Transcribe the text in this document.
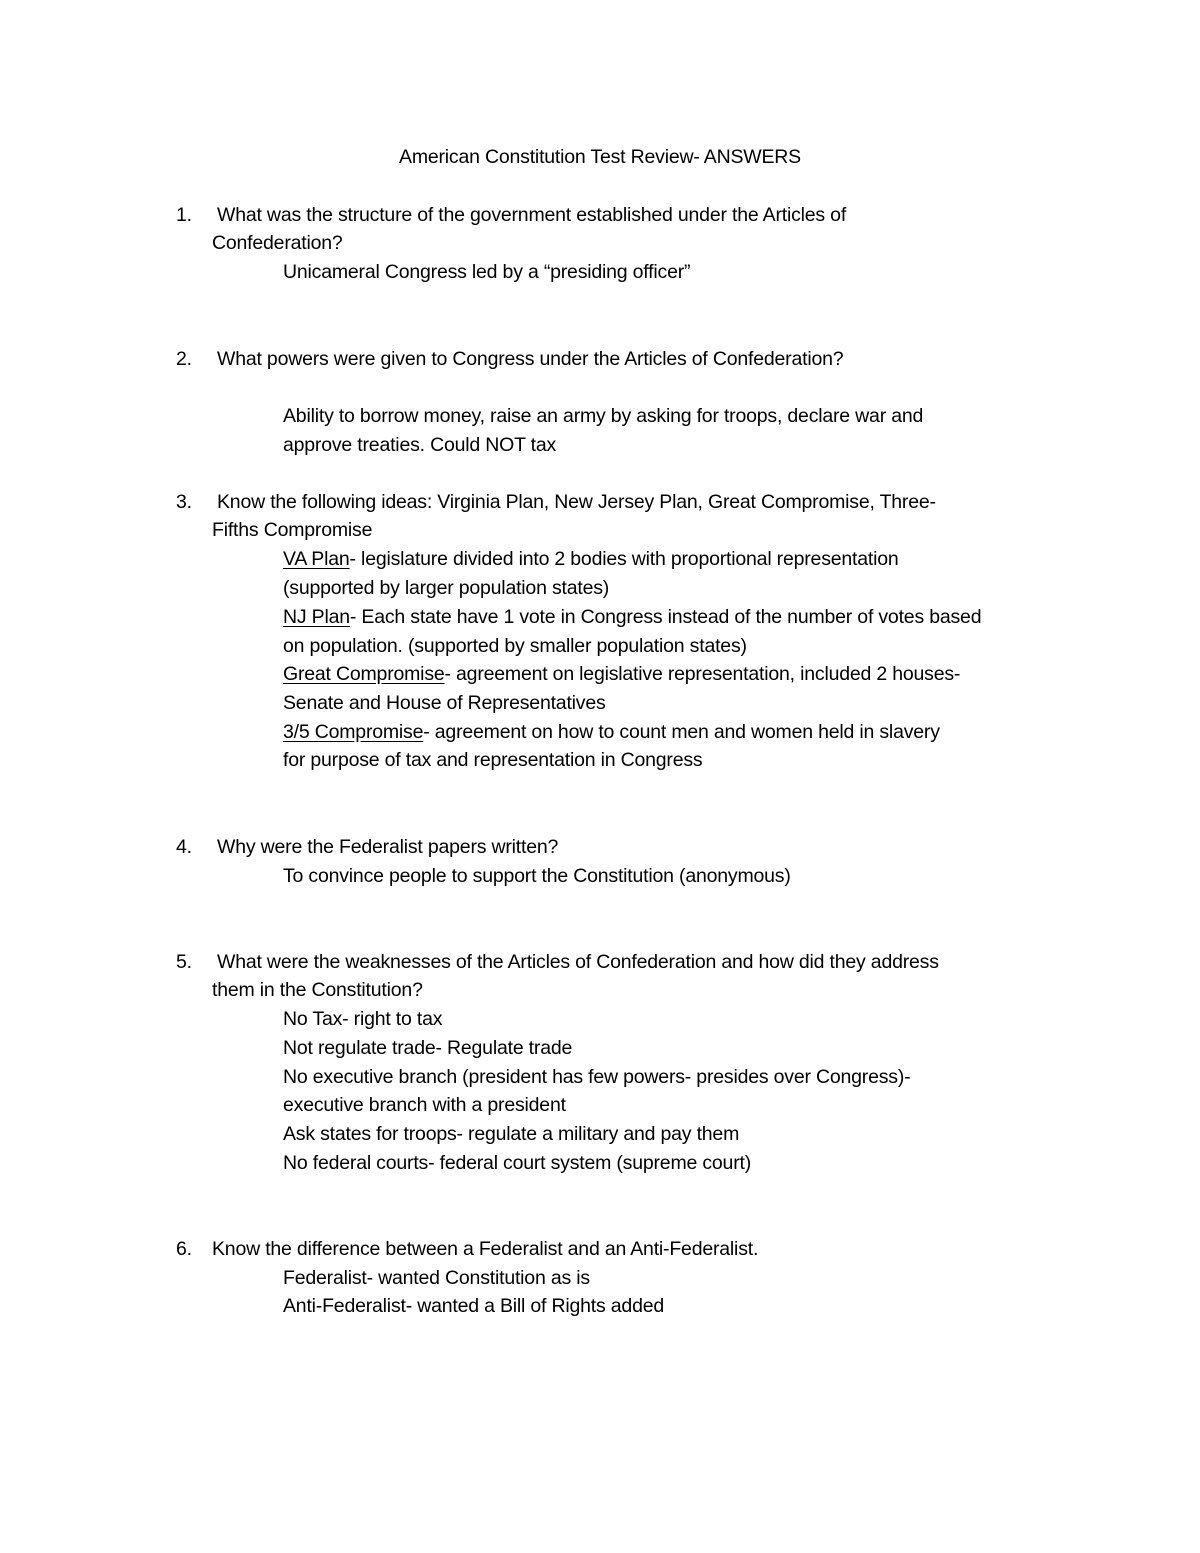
American Constitution Test Review- ANSWERS
1. What was the structure of the government established under the Articles of
Confederation?
Unicameral Congress led by a “presiding officer”
2. What powers were given to Congress under the Articles of Confederation?
Ability to borrow money, raise an army by asking for troops, declare war and
approve treaties. Could NOT tax
3. Know the following ideas: Virginia Plan, New Jersey Plan, Great Compromise, Three-
Fifths Compromise
VA Plan- legislature divided into 2 bodies with proportional representation
(supported by larger population states)
NJ Plan- Each state have 1 vote in Congress instead of the number of votes based
on population. (supported by smaller population states)
Great Compromise- agreement on legislative representation, included 2 houses-
Senate and House of Representatives
3/5 Compromise- agreement on how to count men and women held in slavery
for purpose of tax and representation in Congress
4. Why were the Federalist papers written?
To convince people to support the Constitution (anonymous)
5. What were the weaknesses of the Articles of Confederation and how did they address
them in the Constitution?
No Tax- right to tax
Not regulate trade- Regulate trade
No executive branch (president has few powers- presides over Congress)-
executive branch with a president
Ask states for troops- regulate a military and pay them
No federal courts- federal court system (supreme court)
6. Know the difference between a Federalist and an Anti-Federalist.
Federalist- wanted Constitution as is
Anti-Federalist- wanted a Bill of Rights added
